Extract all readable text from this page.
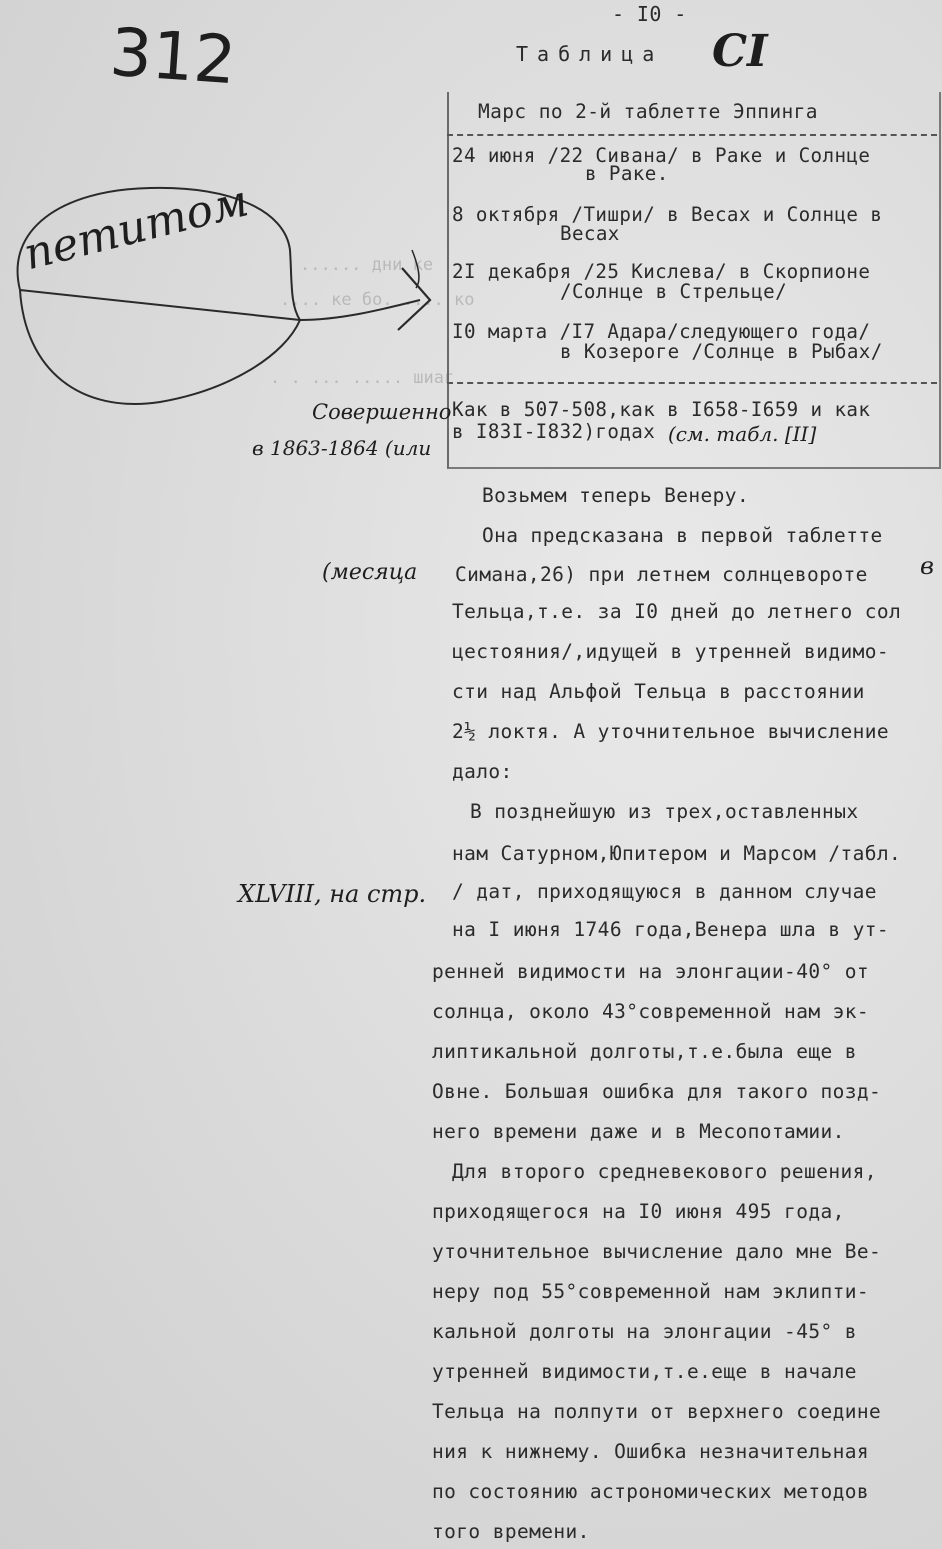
...... дни ке
.... ке бо. .... ко
. . ... ..... шиаг
- I0 -
Таблица CI
312
Марс по 2-й таблетте Эппинга
24 июня /22 Сивана/ в Раке и Солнце
в Раке.
8 октября /Тишри/ в Весах и Солнце в
Весах
2I декабря /25 Кислева/ в Скорпионе
/Солнце в Стрельце/
I0 марта /I7 Адара/следующего года/
в Козероге /Солнце в Рыбах/
Как в 507-508,как в I658-I659 и как
в I83I-I832)годах
Совершенно
в 1863-1864 (или
(см. табл. [II]
петитом
Возьмем теперь Венеру.
Она предсказана в первой таблетте
(месяца Симана,26) при летнем солнцевороте в
Тельца,т.е. за I0 дней до летнего сол
цестояния/,идущей в утренней видимо-
сти над Альфой Тельца в расстоянии
2½ локтя. А уточнительное вычисление
дало:
В позднейшую из трех,оставленных
нам Сатурном,Юпитером и Марсом /табл.
XLVIII, на стр. / дат, приходящуюся в данном случае
на I июня 1746 года,Венера шла в ут-
ренней видимости на элонгации-40° от
солнца, около 43°современной нам эк-
липтикальной долготы,т.е.была еще в
Овне. Большая ошибка для такого позд-
него времени даже и в Месопотамии.
Для второго средневекового решения,
приходящегося на I0 июня 495 года,
уточнительное вычисление дало мне Ве-
нeру под 55°современной нам эклипти-
кальной долготы на элонгации -45° в
утренней видимости,т.е.еще в начале
Тельца на полпути от верхнего соедине
ния к нижнему. Ошибка незначительная
по состоянию астрономических методов
того времени.
